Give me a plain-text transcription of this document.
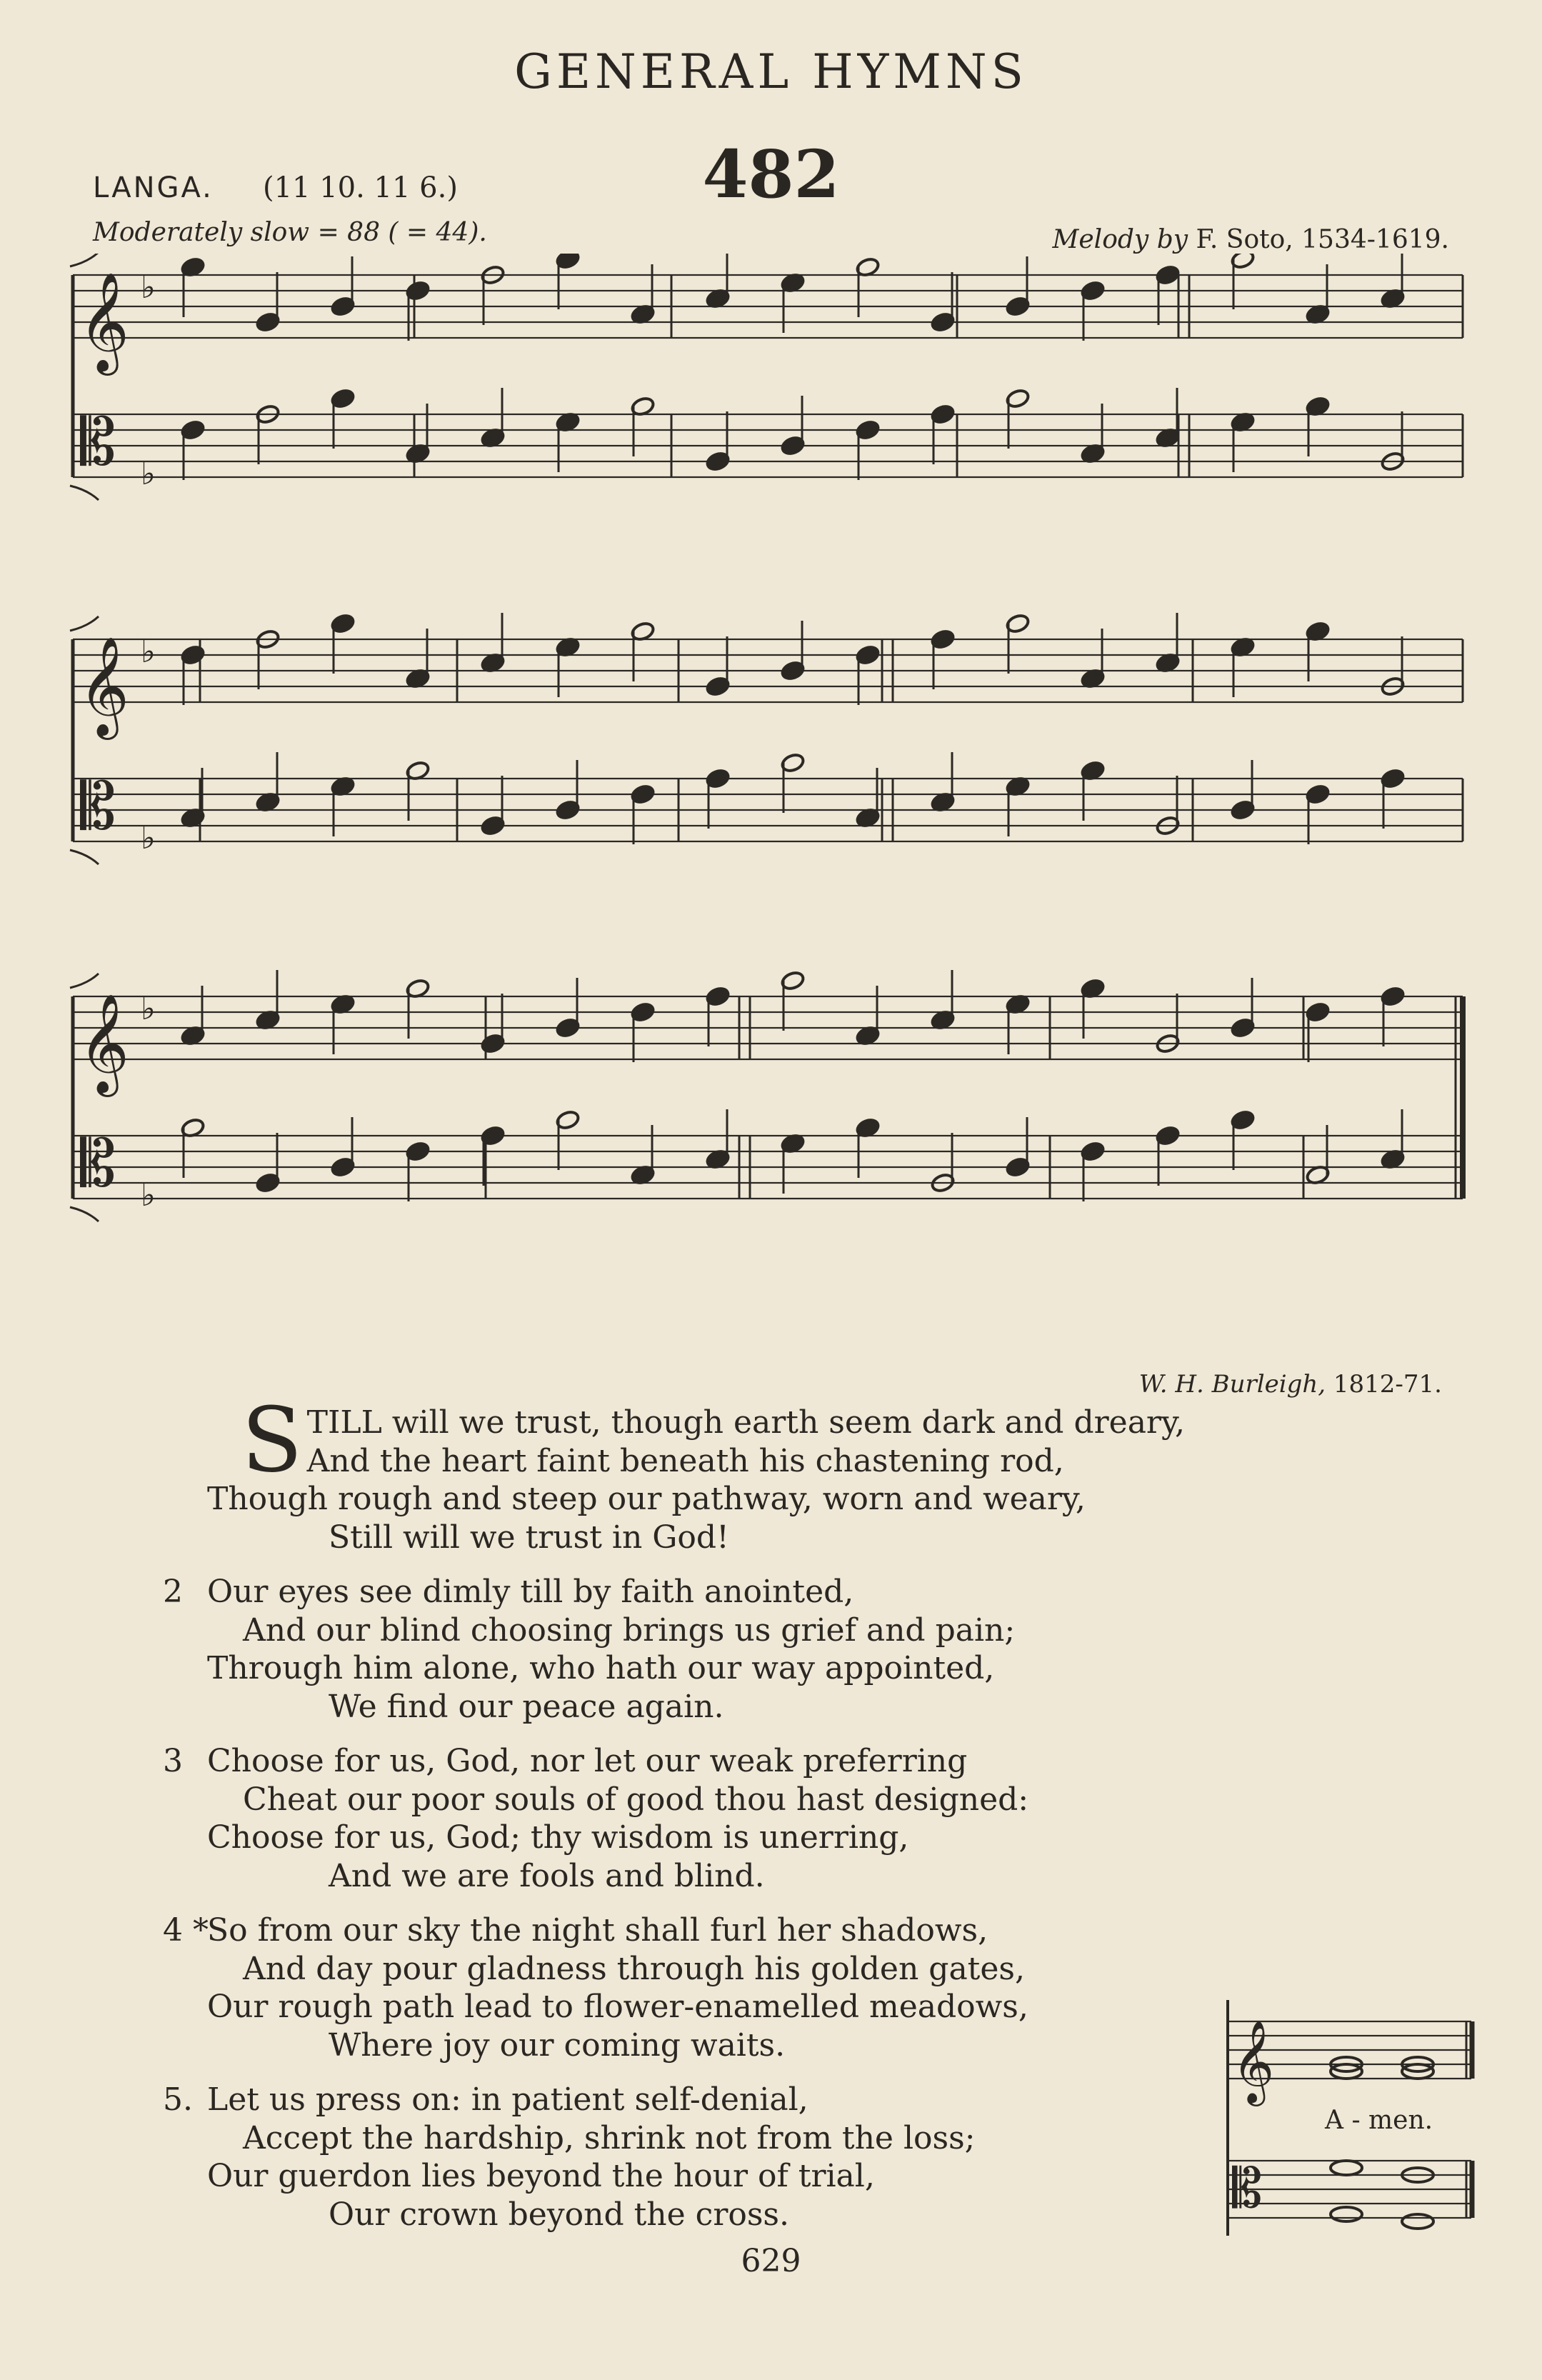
GENERAL HYMNS
482
LANGA. (11 10. 11 6.)
Moderately slow = 88 ( = 44).	Melody by F. Soto, 1534-1619.
𝄞
𝄡
♭
♭
𝄞
𝄡
♭
♭
𝄞
𝄡
♭
♭
W. H. Burleigh, 1812-71.
S TILL will we trust, though earth seem dark and dreary,
And the heart faint beneath his chastening rod,
Though rough and steep our pathway, worn and weary,
Still will we trust in God!
2 Our eyes see dimly till by faith anointed,
And our blind choosing brings us grief and pain;
Through him alone, who hath our way appointed,
We find our peace again.
3 Choose for us, God, nor let our weak preferring
Cheat our poor souls of good thou hast designed:
Choose for us, God; thy wisdom is unerring,
And we are fools and blind.
4 *So from our sky the night shall furl her shadows,
And day pour gladness through his golden gates,
Our rough path lead to flower-enamelled meadows,
Where joy our coming waits.
5. Let us press on: in patient self-denial,
Accept the hardship, shrink not from the loss;
Our guerdon lies beyond the hour of trial,
Our crown beyond the cross.
𝄞
𝄡
A - men.
629
